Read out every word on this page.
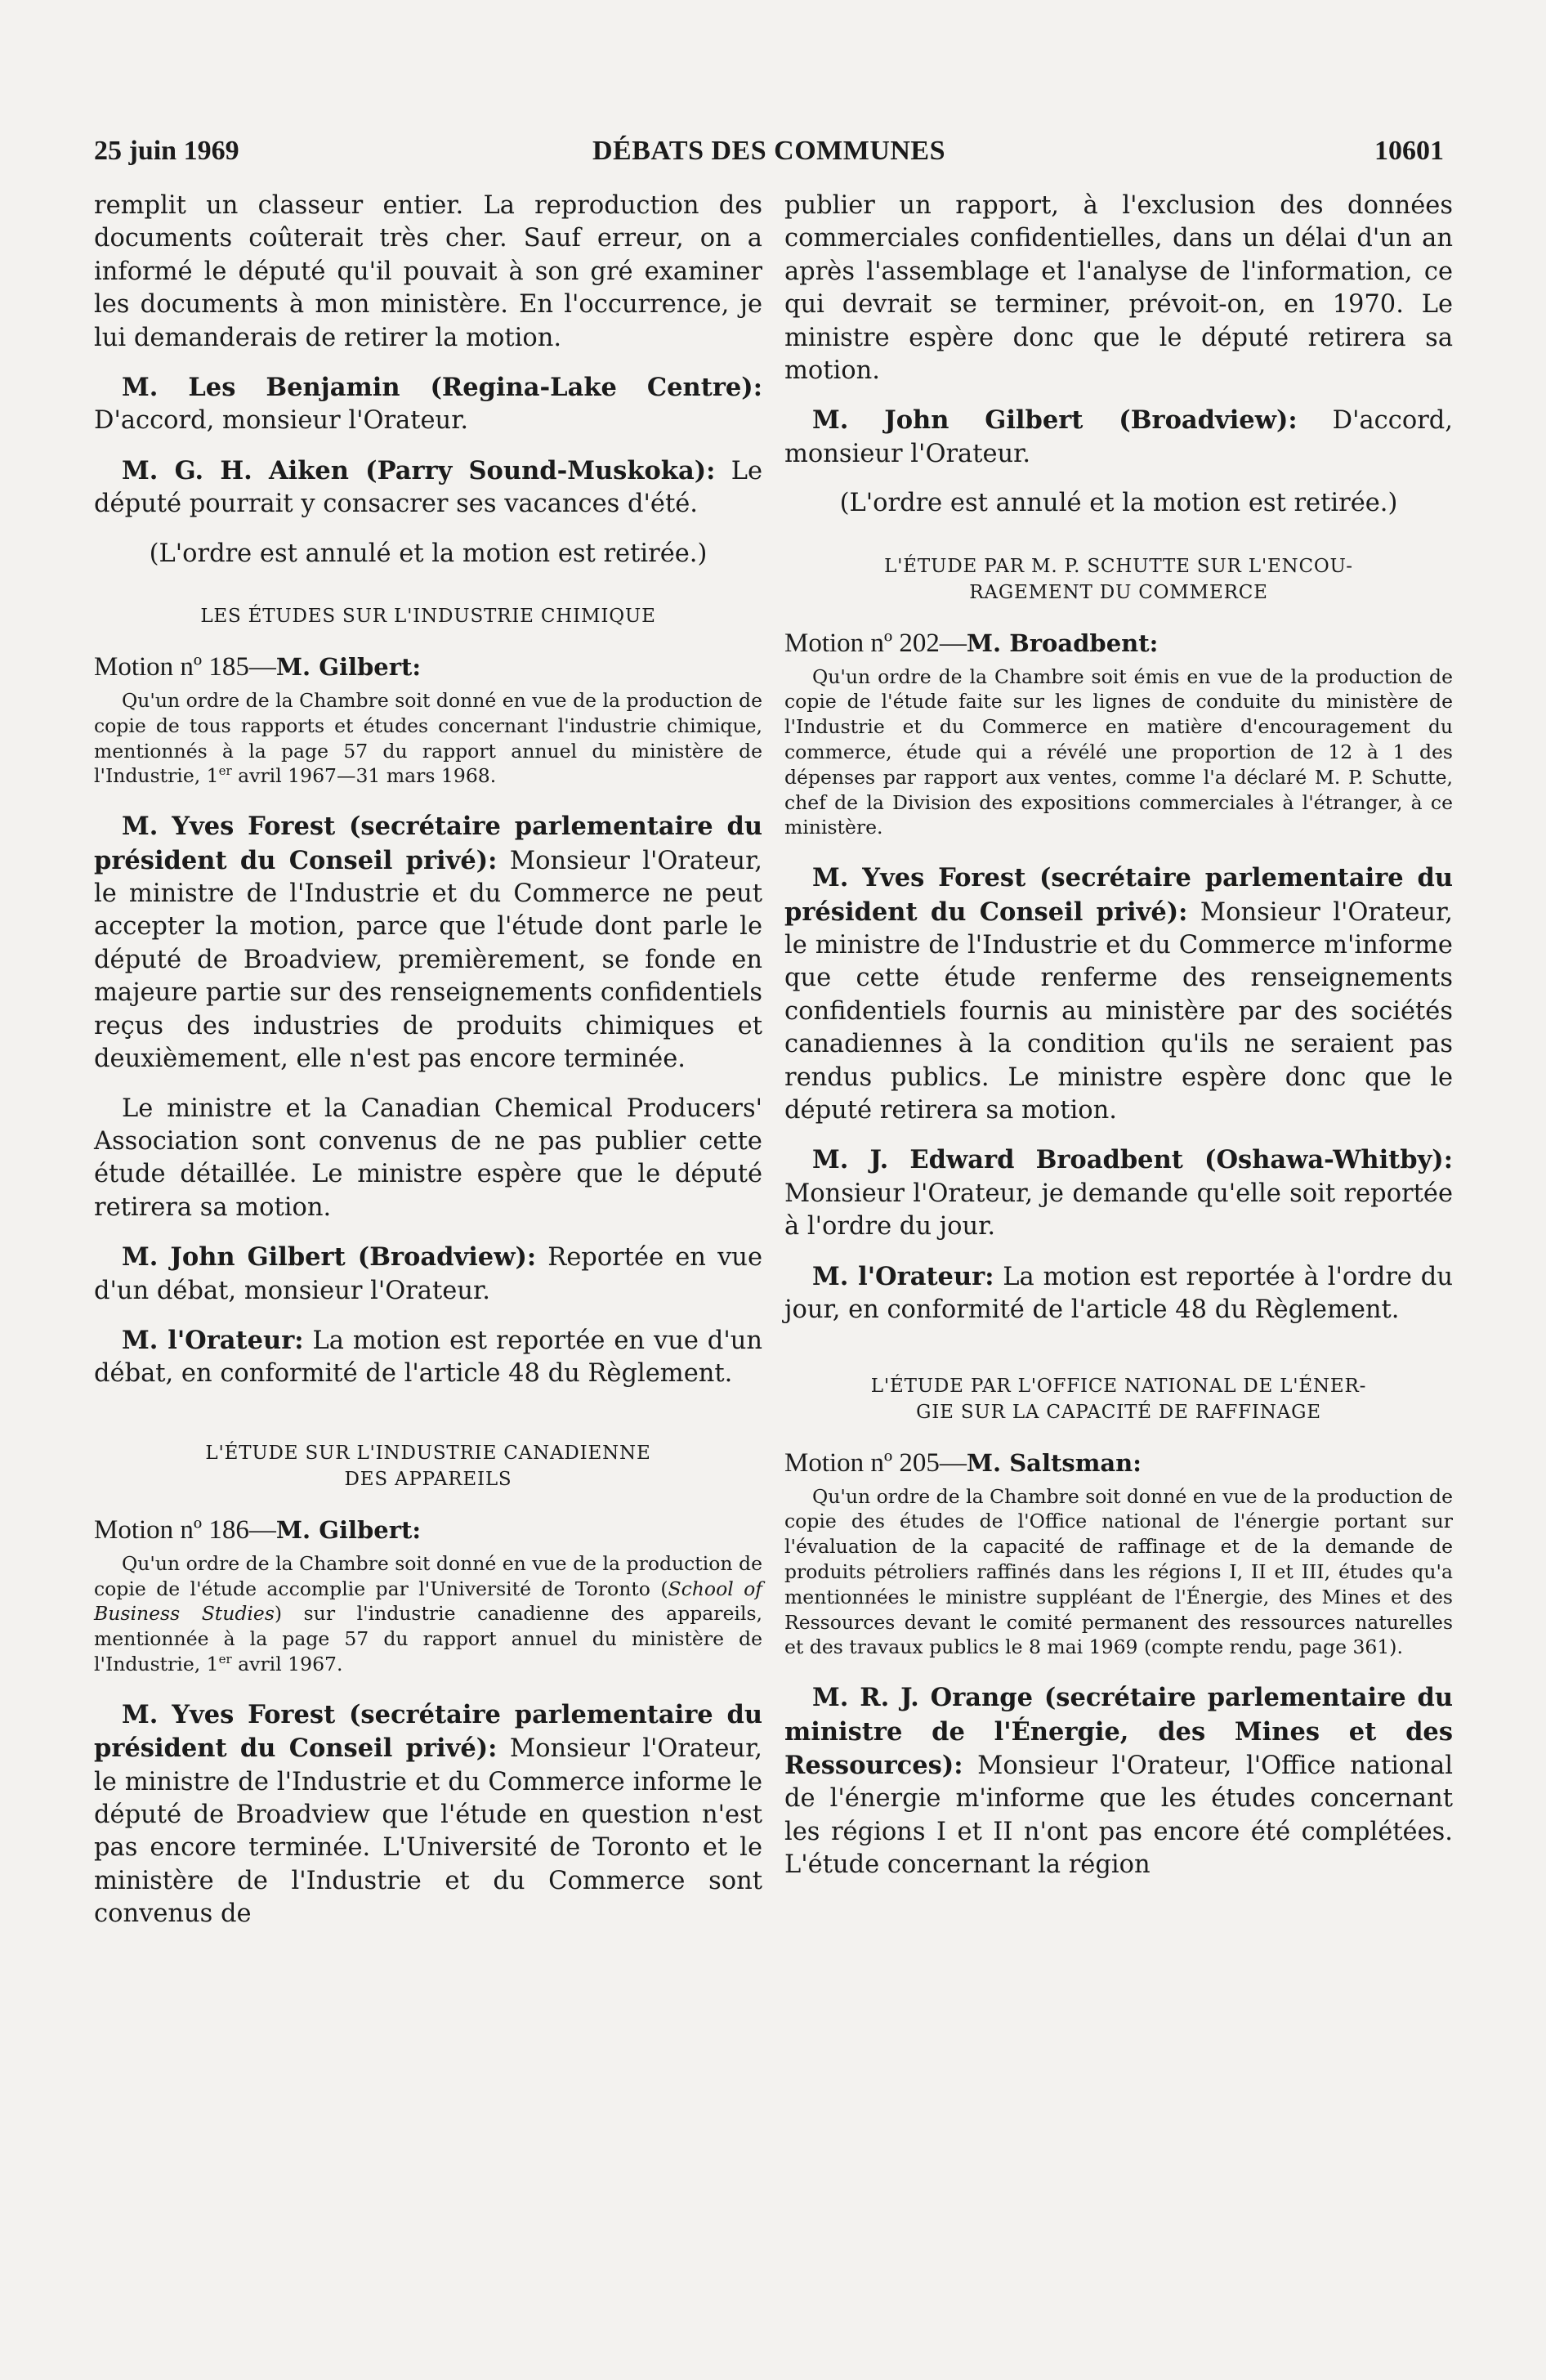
25 juin 1969	DÉBATS DES COMMUNES	10601

remplit un classeur entier. La reproduction des documents coûterait très cher. Sauf erreur, on a informé le député qu'il pouvait à son gré examiner les documents à mon ministère. En l'occurrence, je lui demanderais de retirer la motion.

M. Les Benjamin (Regina-Lake Centre): D'accord, monsieur l'Orateur.

M. G. H. Aiken (Parry Sound-Muskoka): Le député pourrait y consacrer ses vacances d'été.

(L'ordre est annulé et la motion est retirée.)

LES ÉTUDES SUR L'INDUSTRIE CHIMIQUE

Motion nº 185—M. Gilbert:

Qu'un ordre de la Chambre soit donné en vue de la production de copie de tous rapports et études concernant l'industrie chimique, mentionnés à la page 57 du rapport annuel du ministère de l'Industrie, 1er avril 1967—31 mars 1968.

M. Yves Forest (secrétaire parlementaire du président du Conseil privé): Monsieur l'Orateur, le ministre de l'Industrie et du Commerce ne peut accepter la motion, parce que l'étude dont parle le député de Broadview, premièrement, se fonde en majeure partie sur des renseignements confidentiels reçus des industries de produits chimiques et deuxièmement, elle n'est pas encore terminée.

Le ministre et la Canadian Chemical Producers' Association sont convenus de ne pas publier cette étude détaillée. Le ministre espère que le député retirera sa motion.

M. John Gilbert (Broadview): Reportée en vue d'un débat, monsieur l'Orateur.

M. l'Orateur: La motion est reportée en vue d'un débat, en conformité de l'article 48 du Règlement.

L'ÉTUDE SUR L'INDUSTRIE CANADIENNE
DES APPAREILS

Motion nº 186—M. Gilbert:

Qu'un ordre de la Chambre soit donné en vue de la production de copie de l'étude accomplie par l'Université de Toronto (School of Business Studies) sur l'industrie canadienne des appareils, mentionnée à la page 57 du rapport annuel du ministère de l'Industrie, 1er avril 1967.

M. Yves Forest (secrétaire parlementaire du président du Conseil privé): Monsieur l'Orateur, le ministre de l'Industrie et du Commerce informe le député de Broadview que l'étude en question n'est pas encore terminée. L'Université de Toronto et le ministère de l'Industrie et du Commerce sont convenus de

publier un rapport, à l'exclusion des données commerciales confidentielles, dans un délai d'un an après l'assemblage et l'analyse de l'information, ce qui devrait se terminer, prévoit-on, en 1970. Le ministre espère donc que le député retirera sa motion.

M. John Gilbert (Broadview): D'accord, monsieur l'Orateur.

(L'ordre est annulé et la motion est retirée.)

L'ÉTUDE PAR M. P. SCHUTTE SUR L'ENCOU-
RAGEMENT DU COMMERCE

Motion nº 202—M. Broadbent:

Qu'un ordre de la Chambre soit émis en vue de la production de copie de l'étude faite sur les lignes de conduite du ministère de l'Industrie et du Commerce en matière d'encouragement du commerce, étude qui a révélé une proportion de 12 à 1 des dépenses par rapport aux ventes, comme l'a déclaré M. P. Schutte, chef de la Division des expositions commerciales à l'étranger, à ce ministère.

M. Yves Forest (secrétaire parlementaire du président du Conseil privé): Monsieur l'Orateur, le ministre de l'Industrie et du Commerce m'informe que cette étude renferme des renseignements confidentiels fournis au ministère par des sociétés canadiennes à la condition qu'ils ne seraient pas rendus publics. Le ministre espère donc que le député retirera sa motion.

M. J. Edward Broadbent (Oshawa-Whitby): Monsieur l'Orateur, je demande qu'elle soit reportée à l'ordre du jour.

M. l'Orateur: La motion est reportée à l'ordre du jour, en conformité de l'article 48 du Règlement.

L'ÉTUDE PAR L'OFFICE NATIONAL DE L'ÉNER-
GIE SUR LA CAPACITÉ DE RAFFINAGE

Motion nº 205—M. Saltsman:

Qu'un ordre de la Chambre soit donné en vue de la production de copie des études de l'Office national de l'énergie portant sur l'évaluation de la capacité de raffinage et de la demande de produits pétroliers raffinés dans les régions I, II et III, études qu'a mentionnées le ministre suppléant de l'Énergie, des Mines et des Ressources devant le comité permanent des ressources naturelles et des travaux publics le 8 mai 1969 (compte rendu, page 361).

M. R. J. Orange (secrétaire parlementaire du ministre de l'Énergie, des Mines et des Ressources): Monsieur l'Orateur, l'Office national de l'énergie m'informe que les études concernant les régions I et II n'ont pas encore été complétées. L'étude concernant la région
